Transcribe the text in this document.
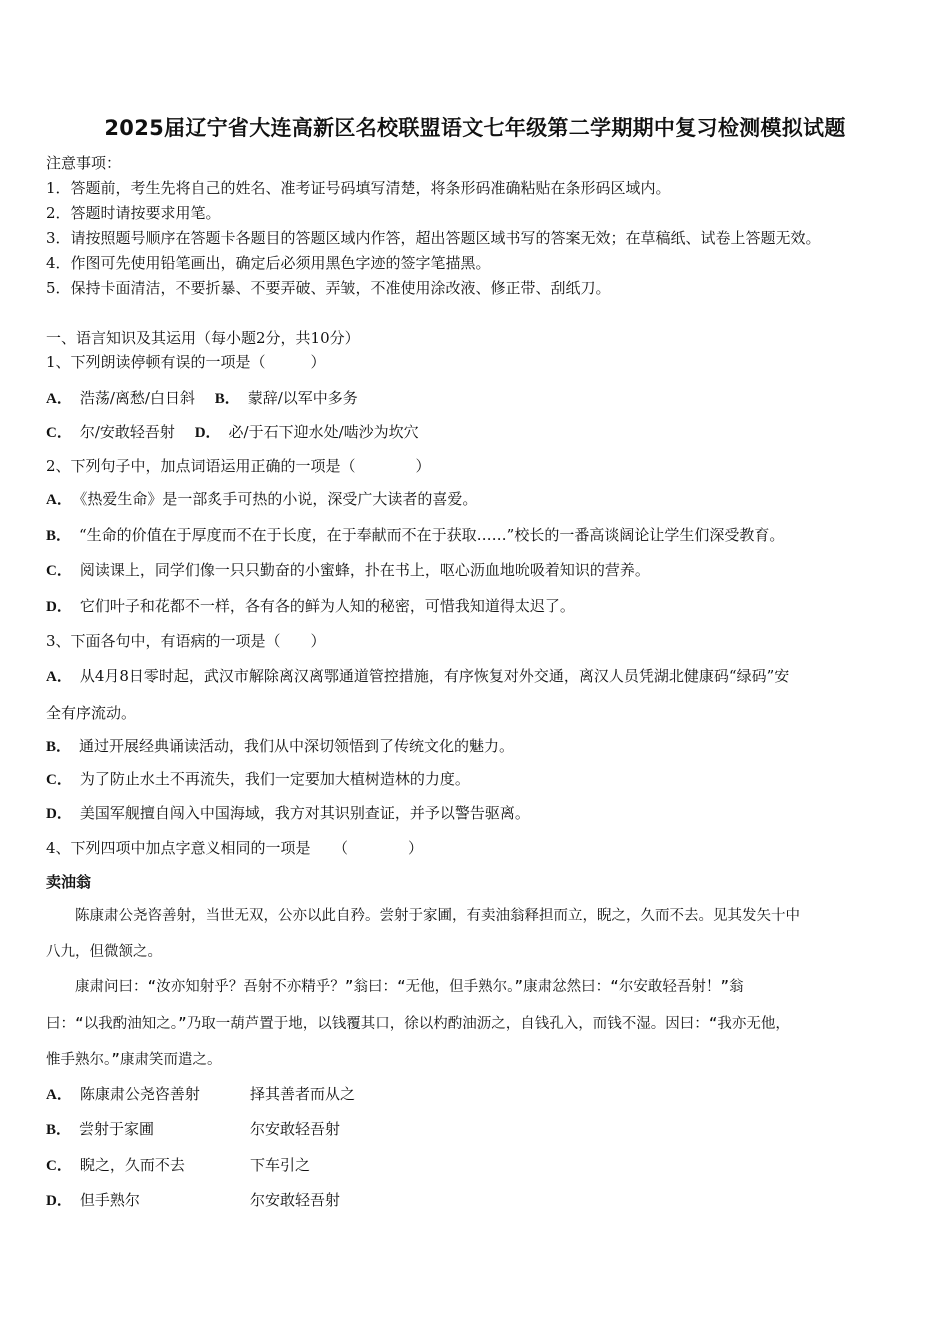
2025届辽宁省大连高新区名校联盟语文七年级第二学期期中复习检测模拟试题
注意事项：
1．答题前，考生先将自己的姓名、准考证号码填写清楚，将条形码准确粘贴在条形码区域内。
2．答题时请按要求用笔。
3．请按照题号顺序在答题卡各题目的答题区域内作答，超出答题区域书写的答案无效；在草稿纸、试卷上答题无效。
4．作图可先使用铅笔画出，确定后必须用黑色字迹的签字笔描黑。
5．保持卡面清洁，不要折暴、不要弄破、弄皱，不准使用涂改液、修正带、刮纸刀。
一、语言知识及其运用（每小题2分，共10分）
1、下列朗读停顿有误的一项是（　　　）
A． 浩荡/离愁/白日斜　 B． 蒙辞/以军中多务
C． 尔/安敢轻吾射　 D． 必/于石下迎水处/啮沙为坎穴
2、下列句子中，加点词语运用正确的一项是（　　　　）
A． 《热爱生命》是一部炙手可热的小说，深受广大读者的喜爱。
B． “生命的价值在于厚度而不在于长度，在于奉献而不在于获取……”校长的一番高谈阔论让学生们深受教育。
C． 阅读课上，同学们像一只只勤奋的小蜜蜂，扑在书上，呕心沥血地吮吸着知识的营养。
D． 它们叶子和花都不一样，各有各的鲜为人知的秘密，可惜我知道得太迟了。
3、下面各句中，有语病的一项是（　　）
A． 从4月8日零时起，武汉市解除离汉离鄂通道管控措施，有序恢复对外交通，离汉人员凭湖北健康码“绿码”安
全有序流动。
B． 通过开展经典诵读活动，我们从中深切领悟到了传统文化的魅力。
C． 为了防止水土不再流失，我们一定要加大植树造林的力度。
D． 美国军舰擅自闯入中国海域，我方对其识别查证，并予以警告驱离。
4、下列四项中加点字意义相同的一项是　　（　　　　）
卖油翁
　　陈康肃公尧咨善射，当世无双，公亦以此自矜。尝射于家圃，有卖油翁释担而立，睨之，久而不去。见其发矢十中
八九，但微颔之。
　　康肃问曰：“汝亦知射乎？吾射不亦精乎？”翁曰：“无他，但手熟尔。”康肃忿然曰：“尔安敢轻吾射！”翁
曰：“以我酌油知之。”乃取一葫芦置于地，以钱覆其口，徐以杓酌油沥之，自钱孔入，而钱不湿。因曰：“我亦无他，
惟手熟尔。”康肃笑而遣之。
A． 陈康肃公尧咨善射	择其善者而从之
B． 尝射于家圃	尔安敢轻吾射
C． 睨之，久而不去	下车引之
D． 但手熟尔	尔安敢轻吾射
